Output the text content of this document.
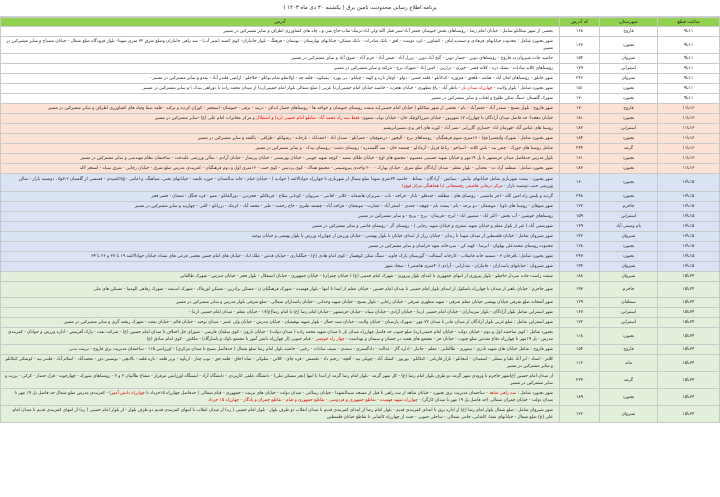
برنامه اطلاع رسانی محدودیت تامین برق ( یکشنبه ۳۰ دی ماه ۱۴۰۳ )
ساعت قطع	شهرستان	کد آدرس	آدرس
۱۱تا۹	فاروج	۱۶۸	بخشی از شهر تیتکانلو شامل : خیابان امام رضا - روستاهای بخش خبوشان جعفر آباد-سیر قفل الله-ولی اباد-ترنبک-نقاب-حاج نقی و.. چاه های کشاورزی اطراف و سایر مشترکین در مسیر
۱۱تا۹	بجنورد	۱۶۳	شهر بجنورد شامل : محدوده خیابانهای فرهادی و صمدیه لباف - کشاورز - ایزد دوست - افق - بانک صادرات - بانک مسکن- خیابانهای بهارستان - بوستان - فرهنگ - بلوار جانبازان- کوی کمینه (شیر آب) - سه راهی جانبازان وضلع شرق ۳۲ متری شهدا- بلوار فرودگاه ضلع شمال - خیابان مصباح و سایر مشترکین در مسیر
۱۱تا۹	شیروان	۱۵۴	حاشیه جاده شیروان به فاروج - روستاهای دوین - حصار دوین - گنج آباد دوین - برزل آباد - فیض آباد - خرم آباد - شوق آباد و سایر مشترکین در مسیر
۱۱تا۹	اسفراین	۱۷۹	روستاهای کلاته سادات - پشک دره - کلاته فقیر - خوری - درازیی - امین اباد - شهرک برج - مراغه و سایر مشترکین در مسیر
۱۱تا۹	شیروان	۲۴۶	شهر خانلق - روستاهای امان آباد - هنامه - قلجق - فیروزه - کدکانلو - قلعه حسن - دولو - اوغاز تازه و کهنه - چیانلو - بی بهره - پسکوه - قلعه چه - اولاشلو شام بوانلو - خلاجلو - اراضی قلندر آباد - نقدو و سایر مشترکین در مسیر -
۱۱تا۹	بجنورد	۱۵۱	شهر بجنورد شامل : بلوار ولایت - چهارراه میدان بار - ناظر آباد - باغ مطهری - خیابان هجرت - حاشیه خیابان امام خمینی(ره) غربی ( ضلع شمالی بلوار امام خمینی(ره) از میدان محمد زاده تا دوراهی بیدک ) و سایر مشترکین در مسیر
۱۱تا۹	بجنورد	۱۳۰	شهرک گلستان -سنگ شکن طلوع و افتاب و سایر مشترکین در مسیر
۱۳تا۱۱	فاروج	۱۷۰	شهر فاروج : بلوار بسیج - صفدر آباد - جعفرآباد - یام - بخشی از شهر تیتکانلو ( خیابان امام خمینی(به سمت روستای خبوشان و خواجه ها - روستاهای حصار انداف - دربند - ترقی - خبوشان- اسفجیر - کوران کردیه و ترکیه - قلعه صفا وچاه های کشاورزی اطراف و سایر مشترکین در مسیر
۱۳تا۱۱	بجنورد	۱۸۱	خیابان دهخدا- حد فاصل میدان آزادگان تا چهارراه ۱۷ شهریور - خیابان میرزاکوچک خان - خیابان نواب صفوی- فقط سه راه محمد آباد- تقاطع امام خمینی (ره) و استقلال و مرکز مخابرات امام علی (ع) -سایر مشترکین در مسیر
۱۳تا۱۱	اسفراین	۱۸۲	روستا های عباس آباد -قهرمان اباد -حصاری گازرانی -نصر آباد - کوره های اجر پزی مسیرابریشم
۱۳تا۱۱	بجنورد	۱۸۴	شهر بجنورد شامل : شهرک ولیعصر(عج) - ۱۶متری سوم فرهنگیان - روستاهای برج - الیجور - درصوفیان - حمزانلو - صندل اباد - احمداباد - بازخانه - رشوانلو - طراقی - یالقعه و سایر مشترکین در مسیر
۱۳تا۱۱	گرمه	۲۴۴	شامل روستا های جوزک - چمن بید - باش کلاته - اسپاخو - رباط قریل - آرمادلو - چشمه خان - سد گلستدره - روستای دشت - روستای بیدک - و سایر مشترکین در مسیر
۱۳تا۱۱	بجنورد	۱۶۱	بلوار مدرس حدفاصل میدان خرمشهر تا پل ۱۹مهر و خیابان شهید حسینی معصوم - مجتمع های اوج - خیابان طلای سفید - کوچه شهید جوینی - خیابان بهزیستی - خیابان پرستار - خیابان آزادی - سالن ورزشی علیدخت - ساختمان نظام مهندسی و سایر مشترکین در مسیر
۱۳تا۱۱	بجنورد	۱۸۳	شهر بجنورد شامل : منطقه آزاد ده - محدلی - بلوار معلم - میدان آزادگان ضلع شرق - خیابان بهارک - ۲۰۰ واحدی پتروشیمی - مجتمع هماک - کوی پردیس - کوی جنت - ۱۶متری اول و دوم فرهنگیان - کمربندی مدرس ضلع شرق - خیابان رجایی - شرق سپاه - استخر لاله
۱۵تا۱۳	بجنورد	۱۶۰	شهر بجنورد : پشت شهربازی شامل خیابانهای نیایش - ستایش - آزادگان - نشاط - حاشیه ۳۴متری شهدا ضلع شمال از شهربازی تا چهارراه جوادالائمه ( جوادیه ) - خیابان خیام - خانه سالمندان - حوزه علمیه - خیابانهای تختی، شباهنگ، و امامی - ngکمبیدی - قسمتی از گلستان ۳،۲و۵ ، دوشنبه بازار - سالن ورزشی جنب دوشنبه بازار - مرکز درمانی هاشمی رفسنجانی (با هماهنگی مرکز فوق)
۱۵تا۱۳	بجنورد	۲۴۸	گردنه و پلیس راه امین الله - اجر ماشینی - روستای های : مطلعه - خندقلو - تاتار - فراجه - نات - سربران هاشقانه - کلاتر - اقانبی - سریوان - کودانی سلاخ - قریکانلو - فخردین - دورالقانلو - ممو - قره جنگل - شعبان - قصر قجر
۱۵تا۱۳	جاجرم	۱۲۷	شهر شوقان - روستا های تاویا - موشقان - دو برجه - بام - پشت بام - چهچه - جعدی - اصغر آباد - عمارت - موشقان - فراجه آباد - چشمه طبری - حاج رحمت - طبر - محمد آباد - کرمک - برزانلو - کلتی - چهاربید و سایر مشترکین در مسیر
۱۵تا۱۳	اسفراین	۱۵۹	روستاهای خوشین - آب بخش - اکبر اباد - منصور اباد - ابرج - فریمان - برج - برنج - و سایر مشترکین در مسیر
۱۵تا۱۳	بام وصفی آباد	۱۳۹	شهرصفی آباد ( غیر از بلوار معلم و خیابان شهید صفری و خیابان شهید رجایی ) - روستای گز - روستای قاضی و سایر مشترکین در مسیر
۱۵تا۱۳	شیروان	۱۴۶	شهر شیروان شامل : خیابان فلسطین از میدان شهدا تا زندان - خیابان رزاز از ابتدای خیابان تا بلوار بهشتی - خیابان ورزش از چهارراه ورزش تا بلوار بهشتی و خیابان توحید
۱۵تا۱۳	بجنورد	۱۲۸	محدوده روستای محمدعلی پهلوان - اترسا - کهنه کن - سردخانه شهد خراسان و سایر مشترکین در مسیر
۱۵تا۱۳	بجنورد	۲۴۷	شهر بجنورد شامل: باقرخان ۳ - تصفیه خانه فاضلاب - کارخانه آسفالت - گورستان پارک جاوید - سنگ شکن کوهسار - کوی امام هادی (ع) - جنگلداری - خیابان قدس - ملک اباد - خیابان های امام حسن مجتبی فرعی های مقداد خیابان جوادالائمه ۱۹ تا ۳۷ و ۲۶ تا ۳۴
۱۵تا۱۳	شیروان	۱۴۴	شهر شیروان : خیابانهای پاسداران - جانبازان - تقدارانی - آزادی (۴۰متری هاشمی) - سجاد شهر
۲۴تا۱۵	شیروان	۱۸۸	سمت راست جاده سردار حاجیلو - بلوار پیروزی از انتهای جمهوری تا ابتدای بلوار پیروزی - شهرک امام خمینی (ع) ( خیابان چمران) - خیابان جمهوری - خیابان استقلال - بلوار فجر - خیابان مدرس - شهرک طالقانی
۲۴تا۱۵	جاجرم	۱۹۳	شهر جاجرم : خیابان باهنر از میدان تا چهارراه باسکول از ابتدای بلوار امام خمینی تا میدان امام حسین - خیابان معلم از ابتدا تا انتها - بلوار فهمیده - شهرک فرهنگیان ن - مسکن برادرین - مسکن اوریتاک - شهرک اندیشه - شهرک رفاهی الومنیا - مسکن های ملی
۲۴تا۱۵	سملقان	۱۲۹	شهر آشخانه ضلع شرقی خیابان بهشتی خیابان معلم شرقی - شهید مطهری شرقی - خیابان رجایی - بلوار بسیج - خیابان شهید وحدانی - خیابان پاسداران شمالی - ضلع شرقی بلوار مدرس و سایر مشترکین در مسیر
۲۴تا۱۵	اسفراین	۱۶۷	شهر اسفراین شامل بلوار آزادگان - بلوار سربداران - خیابان امام خمینی (ره) - خیابان آزادی - خیابان سپاه - خیابان خرمشهر - خیابان امام رضا (ع) تا امام رضا(ع)۱۷ - خیابان معلم - میدان امام خمینی (ره) -
۲۴تا۱۵	اسفراین	۱۳۲	شهر اسفراین شامل : ضلع غربی بلوار آزادگان از میدان مادر تا میدان ۲۲ مهر - شهرک پارسیان - خیابان ولایت - خیابان سید جمال - بلوار شهید توفیقیان - خیابان مدرس - خیابان ولی عصر - میدان توحید - خیابان قائم - خیابان بعثت - شهرک ریخته گری و سایر مشترکین در مسیر
۲۴تا۱۵	بجنورد	۱۱۸	بجنورد شامل : کوی صاحقبه اول و دوم - خیابان دولت - خیابان امام خمینی(ره) ضلع جنوب حد فاصل چهارراه میدان بار تا میدان شهید محمد زاده ( میدان دولت) - خیابان نارون - کوی سلمان فارسی - شورای حل اختلاف تا میدان امام حسین (ع) - شرکت نفت - پارک آفرینش - اداره ورزش و جوانان - کمربندی مدرس - پل ۱۹مهر تا چهارراه دفاع مقدس ضلع جنوب - خیابان حر - مجتمع های همت در خشان و سیمان و بهداشت - چهار راه خوشتی - قیام جنوبی (از چهارراه دانش آموز تا مجتمع تاوک و پاسارگاد) - ملکش - کوی امام صادق (ع)
۲۴تا۱۵	فاروج	۱۵۴	شهر فاروج : شامل خیابان های شهید نادری - تیموری - طالقانی - معلم - جانباز - اداره گاز - عدالت - دادگستری - سعدی - سیف سادات - رجبی - حاشیه بلوار امام رضا ضلع شمال ( حدفاصل بسیج تا میدان مرکزی) - اورژانس ۱۱۵ - ساختمان مدیریت برق فاروج - تربیت بدنی
۲۴تا۱۵	مانه	۱۱۲	کلاتر - استاد - اتر آباد علیا و سفلی - اسفیدان - اینجانلو - بازار قارنانی - کیکانلو - بوربور - کشک آباد - چوپلی تپه - آقچه - رحیم داد - تختمش - قره چای - کلاتن - سلوکی - شاه اجاق - قلعه جق - توپ چنار - ارناوه - بربر قلعه - تازه قلعه - یالانچی - یوسنین دوز - محمدآباد - اسلام آباد - قلندر تپه - کوشکی کیکانلو و سایر مشترکین در مسیر
۲۴تا۱۵	گرمه	۲۲۴	از میدان امام حسین (ع)شهر جاجرم تا ورودی شهر گرمه دو طرف بلوار امام رضا (ع) - کل شهر گرمه - بلوار امام رضا گرمه از ابتدا تا انتها (بجز مسکن ملی) - دانشگاه علمی کاربردی - دانشگاه آزاد - ایستگاه اورژانس مرفراز - مشاع طالبیان ۲ و ۲ - روستاهای شورک - چهارجوبه - قزل حصار - کرکی - برزنه و سایر مشترکین در مسیر
۲۴تا۱۵	بجنورد	۱۸۹	شهر بجنورد شامل : سه راهی شاهد - ساختمان مدیریت برق بجنورد - خیابان شاهد از سه راهی تا قبل از مسجد سیدالشهدا - خیابان رسالتی - میدان دولت - خیابان های تربیت - جمهوری - قیام شمالی ( حدفاصل چهارراه ۱۵خرداد تا چهارراه دانش آموز) - کمربندی مدرس ضلع شمال حد فاصل پل ۱۹ مهر تا میدان دولت - خیابان چمران شمالی (حد فاصل پل ۱۹ مهر تا میدان کارگر) - چهارراه شهید فهمیده - تقاطع جمهوری و فردوسی - تقاطع جمهوری و قیام - تقاطع چمران و یادگار - چهارراه ۱۵ خرداد
۲۴تا۱۵	شیروان	۱۳۶	شهر شیروان شامل : ضلع شمال بلوار امام رضا (ع) از اداره برق تا ابتدای کمربندی قدیم - بلوار امام رضا از ابتدای کمربندی قدیم تا میدان انقلاب دو طرف بلوار - بلوار امام خمینی ( ره) از میدان انقلاب تا انتهای کمربندی قدیم دو طرف بلوار - از بلوار امام خمینی ( ره) از انتهای کمربندی قدیم تا میدان امام علی (ع) ضلع شمال - خیابانهای شفا، کاشانی، جامی شمالی - ساحلی جنوبی - جنت از چهارراه کاشانی تا تقاطع خیابان فلسطین
